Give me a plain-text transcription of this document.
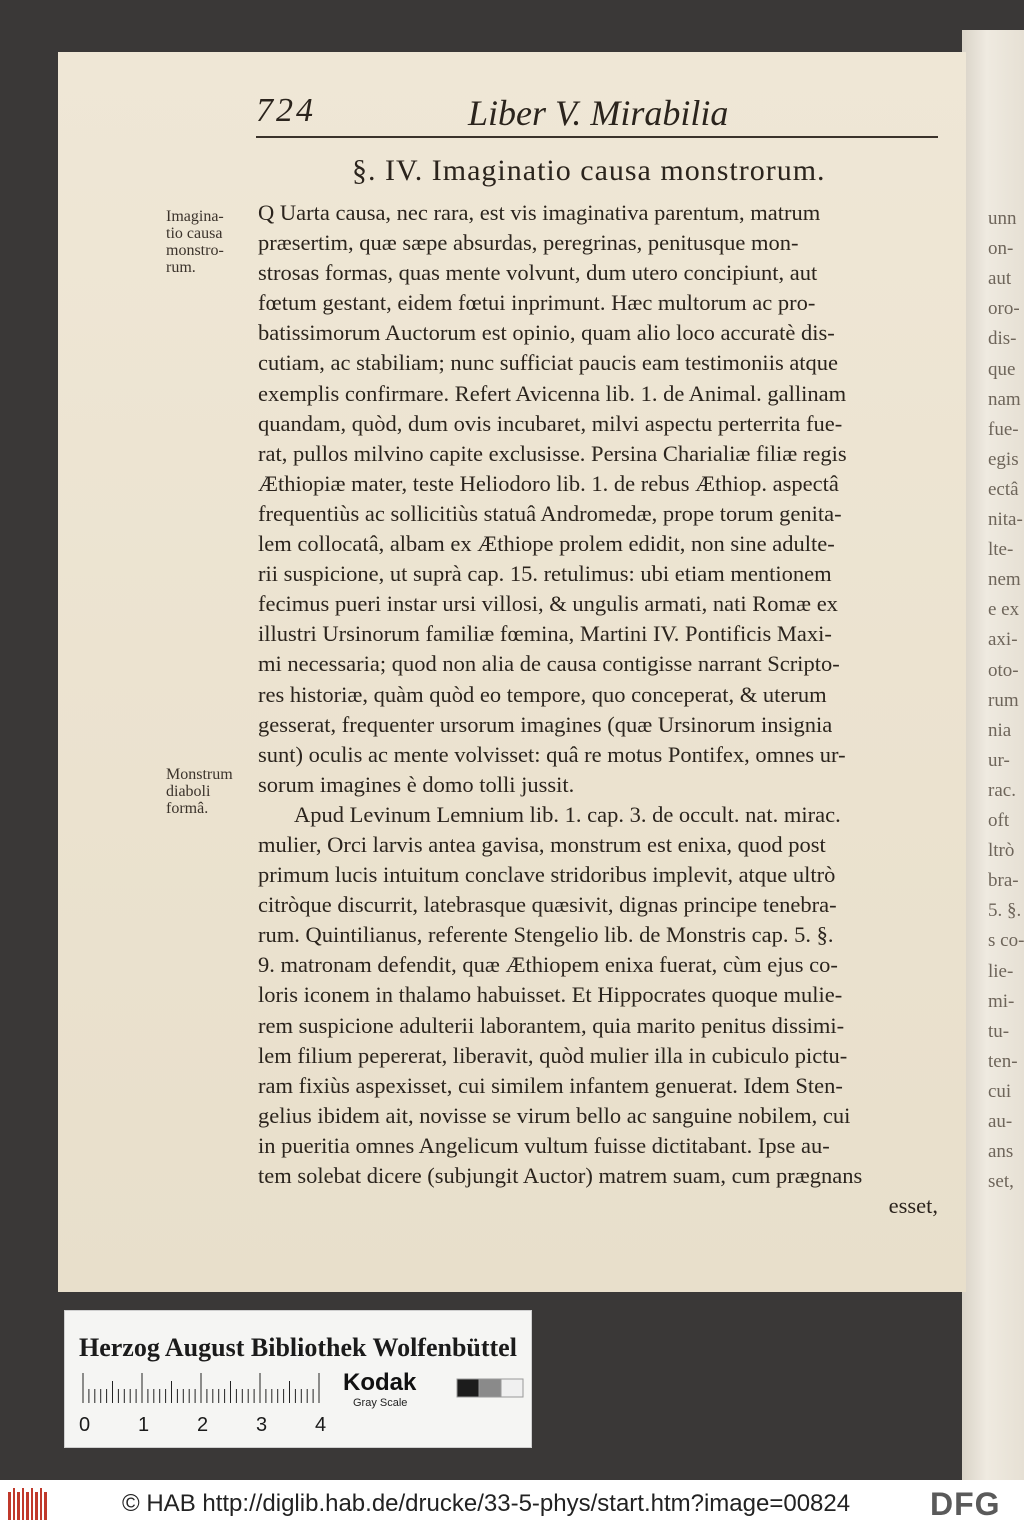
unn
on-
aut
oro-
dis-
que
nam
fue-
egis
ectâ
nita-
lte-
nem
e ex
axi-
oto-
rum
nia
ur-
rac.
oft
ltrò
bra-
5. §.
s co-
lie-
mi-
tu-
ten-
cui
au-
ans
set,
724	Liber V. Mirabilia
§. IV. Imaginatio causa monstrorum.
Imagina-
tio causa
monstro-
rum.
Monstrum
diaboli
formâ.
Q Uarta causa, nec rara, est vis imaginativa parentum, matrum
præsertim, quæ sæpe absurdas, peregrinas, penitusque mon-
strosas formas, quas mente volvunt, dum utero concipiunt, aut
fœtum gestant, eidem fœtui inprimunt. Hæc multorum ac pro-
batissimorum Auctorum est opinio, quam alio loco accuratè dis-
cutiam, ac stabiliam; nunc sufficiat paucis eam testimoniis atque
exemplis confirmare. Refert Avicenna lib. 1. de Animal. gallinam
quandam, quòd, dum ovis incubaret, milvi aspectu perterrita fue-
rat, pullos milvino capite exclusisse. Persina Charialiæ filiæ regis
Æthiopiæ mater, teste Heliodoro lib. 1. de rebus Æthiop. aspectâ
frequentiùs ac sollicitiùs statuâ Andromedæ, prope torum genita-
lem collocatâ, albam ex Æthiope prolem edidit, non sine adulte-
rii suspicione, ut suprà cap. 15. retulimus: ubi etiam mentionem
fecimus pueri instar ursi villosi, & ungulis armati, nati Romæ ex
illustri Ursinorum familiæ fœmina, Martini IV. Pontificis Maxi-
mi necessaria; quod non alia de causa contigisse narrant Scripto-
res historiæ, quàm quòd eo tempore, quo conceperat, & uterum
gesserat, frequenter ursorum imagines (quæ Ursinorum insignia
sunt) oculis ac mente volvisset: quâ re motus Pontifex, omnes ur-
sorum imagines è domo tolli jussit.
Apud Levinum Lemnium lib. 1. cap. 3. de occult. nat. mirac.
mulier, Orci larvis antea gavisa, monstrum est enixa, quod post
primum lucis intuitum conclave stridoribus implevit, atque ultrò
citròque discurrit, latebrasque quæsivit, dignas principe tenebra-
rum. Quintilianus, referente Stengelio lib. de Monstris cap. 5. §.
9. matronam defendit, quæ Æthiopem enixa fuerat, cùm ejus co-
loris iconem in thalamo habuisset. Et Hippocrates quoque mulie-
rem suspicione adulterii laborantem, quia marito penitus dissimi-
lem filium pepererat, liberavit, quòd mulier illa in cubiculo pictu-
ram fixiùs aspexisset, cui similem infantem genuerat. Idem Sten-
gelius ibidem ait, novisse se virum bello ac sanguine nobilem, cui
in pueritia omnes Angelicum vultum fuisse dictitabant. Ipse au-
tem solebat dicere (subjungit Auctor) matrem suam, cum prægnans
esset,
Herzog August Bibliothek Wolfenbüttel
0 1 2 3 4
Kodak
Gray Scale
© HAB http://diglib.hab.de/drucke/33-5-phys/start.htm?image=00824 DFG
